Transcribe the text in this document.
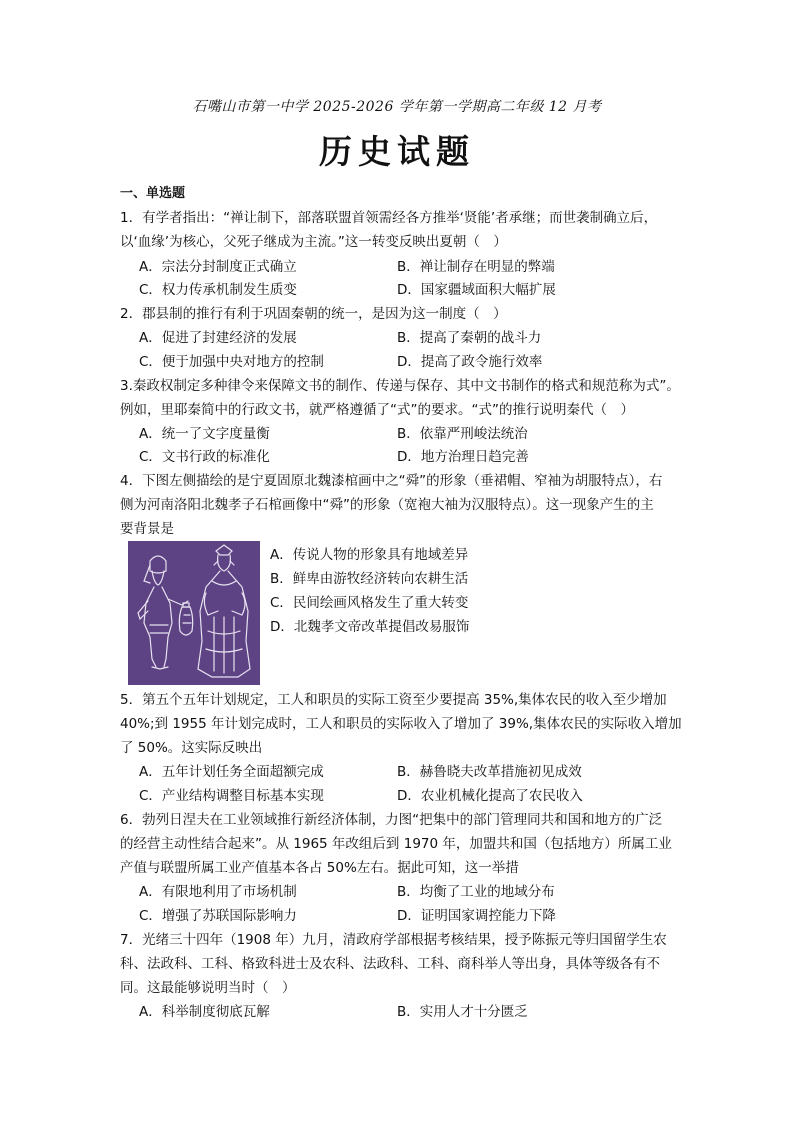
石嘴山市第一中学 2025-2026 学年第一学期高二年级 12 月考
历史试题
一、单选题
1．有学者指出：“禅让制下，部落联盟首领需经各方推举‘贤能’者承继；而世袭制确立后，
以‘血缘’为核心，父死子继成为主流。”这一转变反映出夏朝（　）
A．宗法分封制度正式确立	B．禅让制存在明显的弊端
C．权力传承机制发生质变	D．国家疆域面积大幅扩展
2．郡县制的推行有利于巩固秦朝的统一，是因为这一制度（　）
A．促进了封建经济的发展	B．提高了秦朝的战斗力
C．便于加强中央对地方的控制	D．提高了政令施行效率
3.秦政权制定多种律令来保障文书的制作、传递与保存、其中文书制作的格式和规范称为式”。
例如，里耶秦简中的行政文书，就严格遵循了“式”的要求。“式”的推行说明秦代（　）
A．统一了文字度量衡	B．依靠严刑峻法统治
C．文书行政的标准化	D．地方治理日趋完善
4．下图左侧描绘的是宁夏固原北魏漆棺画中之“舜”的形象（垂裙帽、窄袖为胡服特点），右
侧为河南洛阳北魏孝子石棺画像中“舜”的形象（宽袍大袖为汉服特点）。这一现象产生的主
要背景是
A．传说人物的形象具有地域差异
B．鲜卑由游牧经济转向农耕生活
C．民间绘画风格发生了重大转变
D．北魏孝文帝改革提倡改易服饰
5．第五个五年计划规定，工人和职员的实际工资至少要提高 35%,集体农民的收入至少增加
40%;到 1955 年计划完成时，工人和职员的实际收入了增加了 39%,集体农民的实际收入增加
了 50%。这实际反映出
A．五年计划任务全面超额完成	B．赫鲁晓夫改革措施初见成效
C．产业结构调整目标基本实现	D．农业机械化提高了农民收入
6．勃列日涅夫在工业领域推行新经济体制，力图“把集中的部门管理同共和国和地方的广泛
的经营主动性结合起来”。从 1965 年改组后到 1970 年，加盟共和国（包括地方）所属工业
产值与联盟所属工业产值基本各占 50%左右。据此可知，这一举措
A．有限地利用了市场机制	B．均衡了工业的地域分布
C．增强了苏联国际影响力	D．证明国家调控能力下降
7．光绪三十四年（1908 年）九月，清政府学部根据考核结果，授予陈振元等归国留学生农
科、法政科、工科、格致科进士及农科、法政科、工科、商科举人等出身，具体等级各有不
同。这最能够说明当时（　）
A．科举制度彻底瓦解	B．实用人才十分匮乏
